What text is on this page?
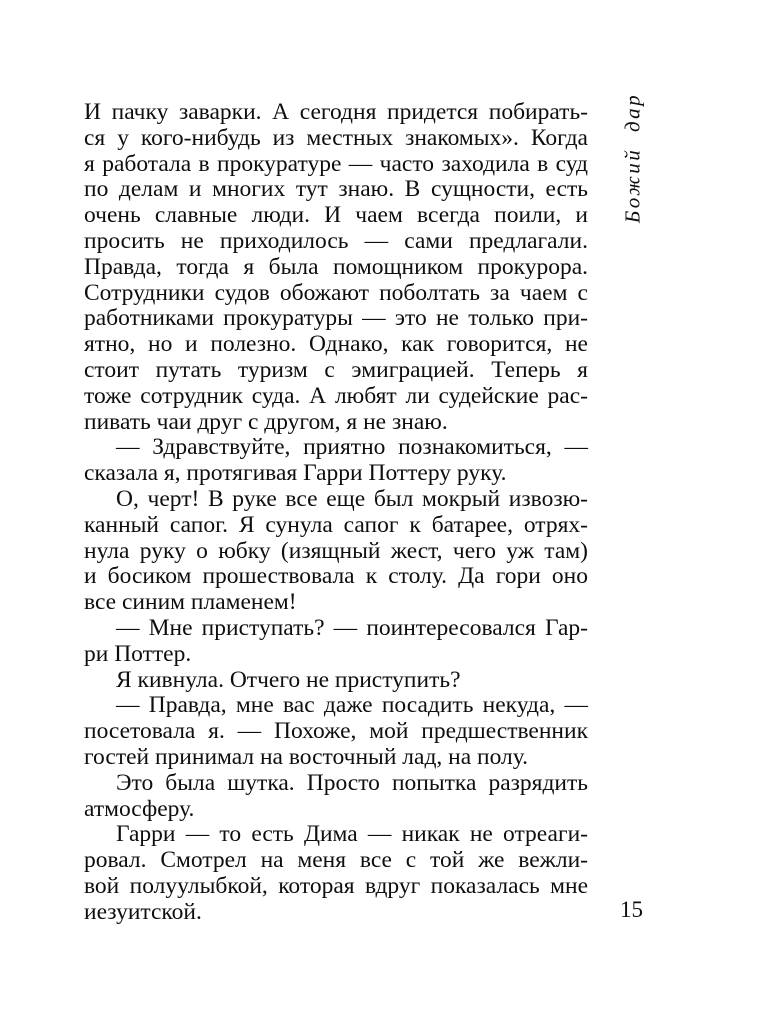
Божий дар
И пачку заварки. А сегодня придется побирать-
ся у кого-нибудь из местных знакомых». Когда
я работала в прокуратуре — часто заходила в суд
по делам и многих тут знаю. В сущности, есть
очень славные люди. И чаем всегда поили, и
просить не приходилось — сами предлагали.
Правда, тогда я была помощником прокурора.
Сотрудники судов обожают поболтать за чаем с
работниками прокуратуры — это не только при-
ятно, но и полезно. Однако, как говорится, не
стоит путать туризм с эмиграцией. Теперь я
тоже сотрудник суда. А любят ли судейские рас-
пивать чаи друг с другом, я не знаю.
— Здравствуйте, приятно познакомиться, —
сказала я, протягивая Гарри Поттеру руку.
О, черт! В руке все еще был мокрый извозю-
канный сапог. Я сунула сапог к батарее, отрях-
нула руку о юбку (изящный жест, чего уж там)
и босиком прошествовала к столу. Да гори оно
все синим пламенем!
— Мне приступать? — поинтересовался Гар-
ри Поттер.
Я кивнула. Отчего не приступить?
— Правда, мне вас даже посадить некуда, —
посетовала я. — Похоже, мой предшественник
гостей принимал на восточный лад, на полу.
Это была шутка. Просто попытка разрядить
атмосферу.
Гарри — то есть Дима — никак не отреаги-
ровал. Смотрел на меня все с той же вежли-
вой полуулыбкой, которая вдруг показалась мне
иезуитской.	15
